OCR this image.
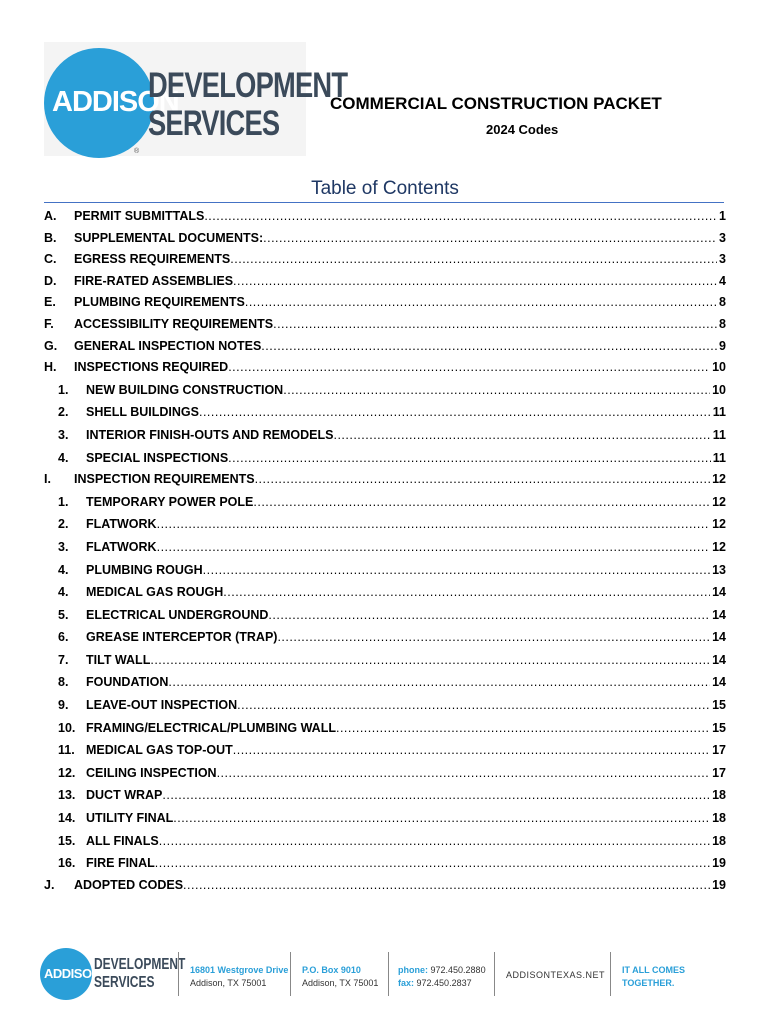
ADDISON
DEVELOPMENT
SERVICES
®
COMMERCIAL CONSTRUCTION PACKET
2024 Codes
Table of Contents
A.	PERMIT SUBMITTALS .....	1
B.	SUPPLEMENTAL DOCUMENTS: .....	3
C.	EGRESS REQUIREMENTS .....	3
D.	FIRE-RATED ASSEMBLIES .....	4
E.	PLUMBING REQUIREMENTS .....	8
F.	ACCESSIBILITY REQUIREMENTS .....	8
G.	GENERAL INSPECTION NOTES .....	9
H.	INSPECTIONS REQUIRED .....	10
1.	NEW BUILDING CONSTRUCTION .....	10
2.	SHELL BUILDINGS .....	11
3.	INTERIOR FINISH-OUTS AND REMODELS .....	11
4.	SPECIAL INSPECTIONS .....	11
I.	INSPECTION REQUIREMENTS .....	12
1.	TEMPORARY POWER POLE .....	12
2.	FLATWORK .....	12
3.	FLATWORK .....	12
4.	PLUMBING ROUGH .....	13
4.	MEDICAL GAS ROUGH .....	14
5.	ELECTRICAL UNDERGROUND .....	14
6.	GREASE INTERCEPTOR (TRAP) .....	14
7.	TILT WALL .....	14
8.	FOUNDATION .....	14
9.	LEAVE-OUT INSPECTION .....	15
10. FRAMING/ELECTRICAL/PLUMBING WALL .....	15
11. MEDICAL GAS TOP-OUT .....	17
12. CEILING INSPECTION .....	17
13. DUCT WRAP .....	18
14. UTILITY FINAL .....	18
15. ALL FINALS .....	18
16. FIRE FINAL .....	19
J.	ADOPTED CODES .....	19
ADDISON
DEVELOPMENT
SERVICES
16801 Westgrove Drive
Addison, TX 75001
P.O. Box 9010
Addison, TX 75001
phone: 972.450.2880
fax: 972.450.2837
ADDISONTEXAS.NET IT ALL COMES
TOGETHER.
